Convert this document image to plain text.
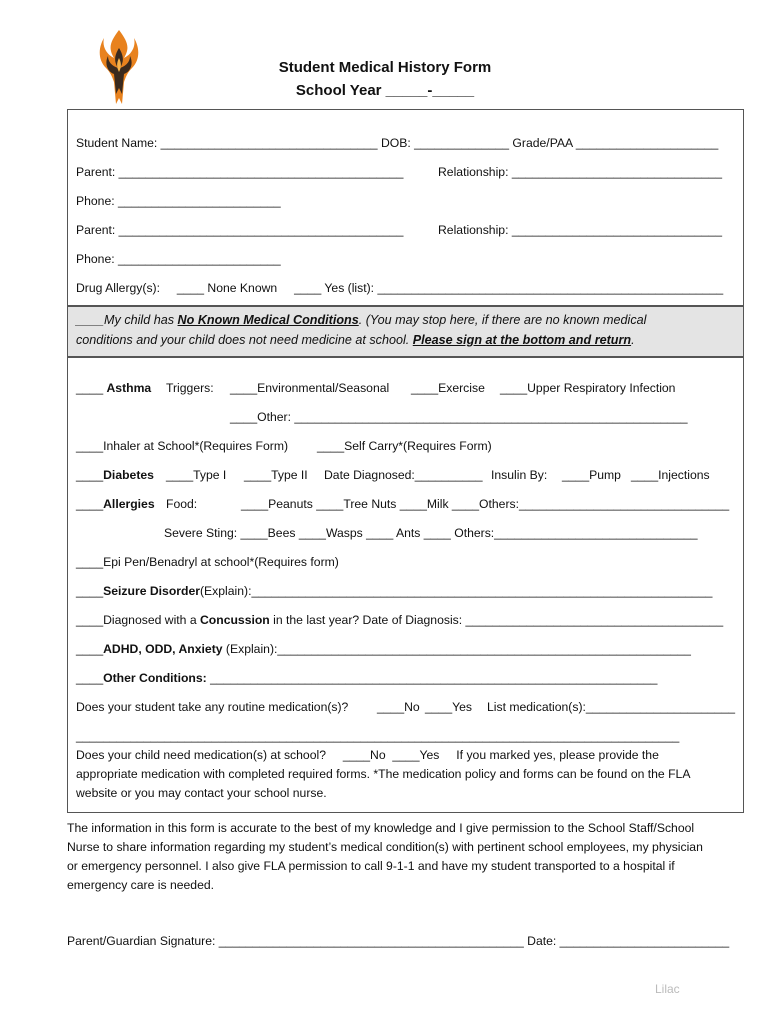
Student Medical History Form
School Year _____-_____
Student Name: ________________________________ DOB: ______________ Grade/PAA _____________________
Parent: __________________________________________	Relationship: _______________________________
Phone: ________________________
Parent: __________________________________________	Relationship: _______________________________
Phone: ________________________
Drug Allergy(s):     ____ None Known     ____ Yes (list): ___________________________________________________
____My child has No Known Medical Conditions. (You may stop here, if there are no known medical
conditions and your child does not need medicine at school. Please sign at the bottom and return.
____ Asthma Triggers: ____Environmental/Seasonal ____Exercise ____Upper Respiratory Infection
____Other: __________________________________________________________
____Inhaler at School*(Requires Form) ____Self Carry*(Requires Form)
____Diabetes ____Type I ____Type II Date Diagnosed:__________ Insulin By: ____Pump ____Injections
____Allergies Food:	____Peanuts ____Tree Nuts ____Milk ____Others:_______________________________
Severe Sting: ____Bees ____Wasps ____ Ants ____ Others:______________________________
____Epi Pen/Benadryl at school*(Requires form)
____Seizure Disorder(Explain):____________________________________________________________________
____Diagnosed with a Concussion in the last year? Date of Diagnosis: ______________________________________
____ADHD, ODD, Anxiety (Explain):_____________________________________________________________
____Other Conditions: __________________________________________________________________
Does your student take any routine medication(s)? ____No ____Yes List medication(s):______________________
_________________________________________________________________________________________
Does your child need medication(s) at school?     ____No  ____Yes     If you marked yes, please provide the
appropriate medication with completed required forms. *The medication policy and forms can be found on the FLA
website or you may contact your school nurse.
The information in this form is accurate to the best of my knowledge and I give permission to the School Staff/School
Nurse to share information regarding my student’s medical condition(s) with pertinent school employees, my physician
or emergency personnel. I also give FLA permission to call 9-1-1 and have my student transported to a hospital if
emergency care is needed.
Parent/Guardian Signature: _____________________________________________ Date: _________________________
Lilac
